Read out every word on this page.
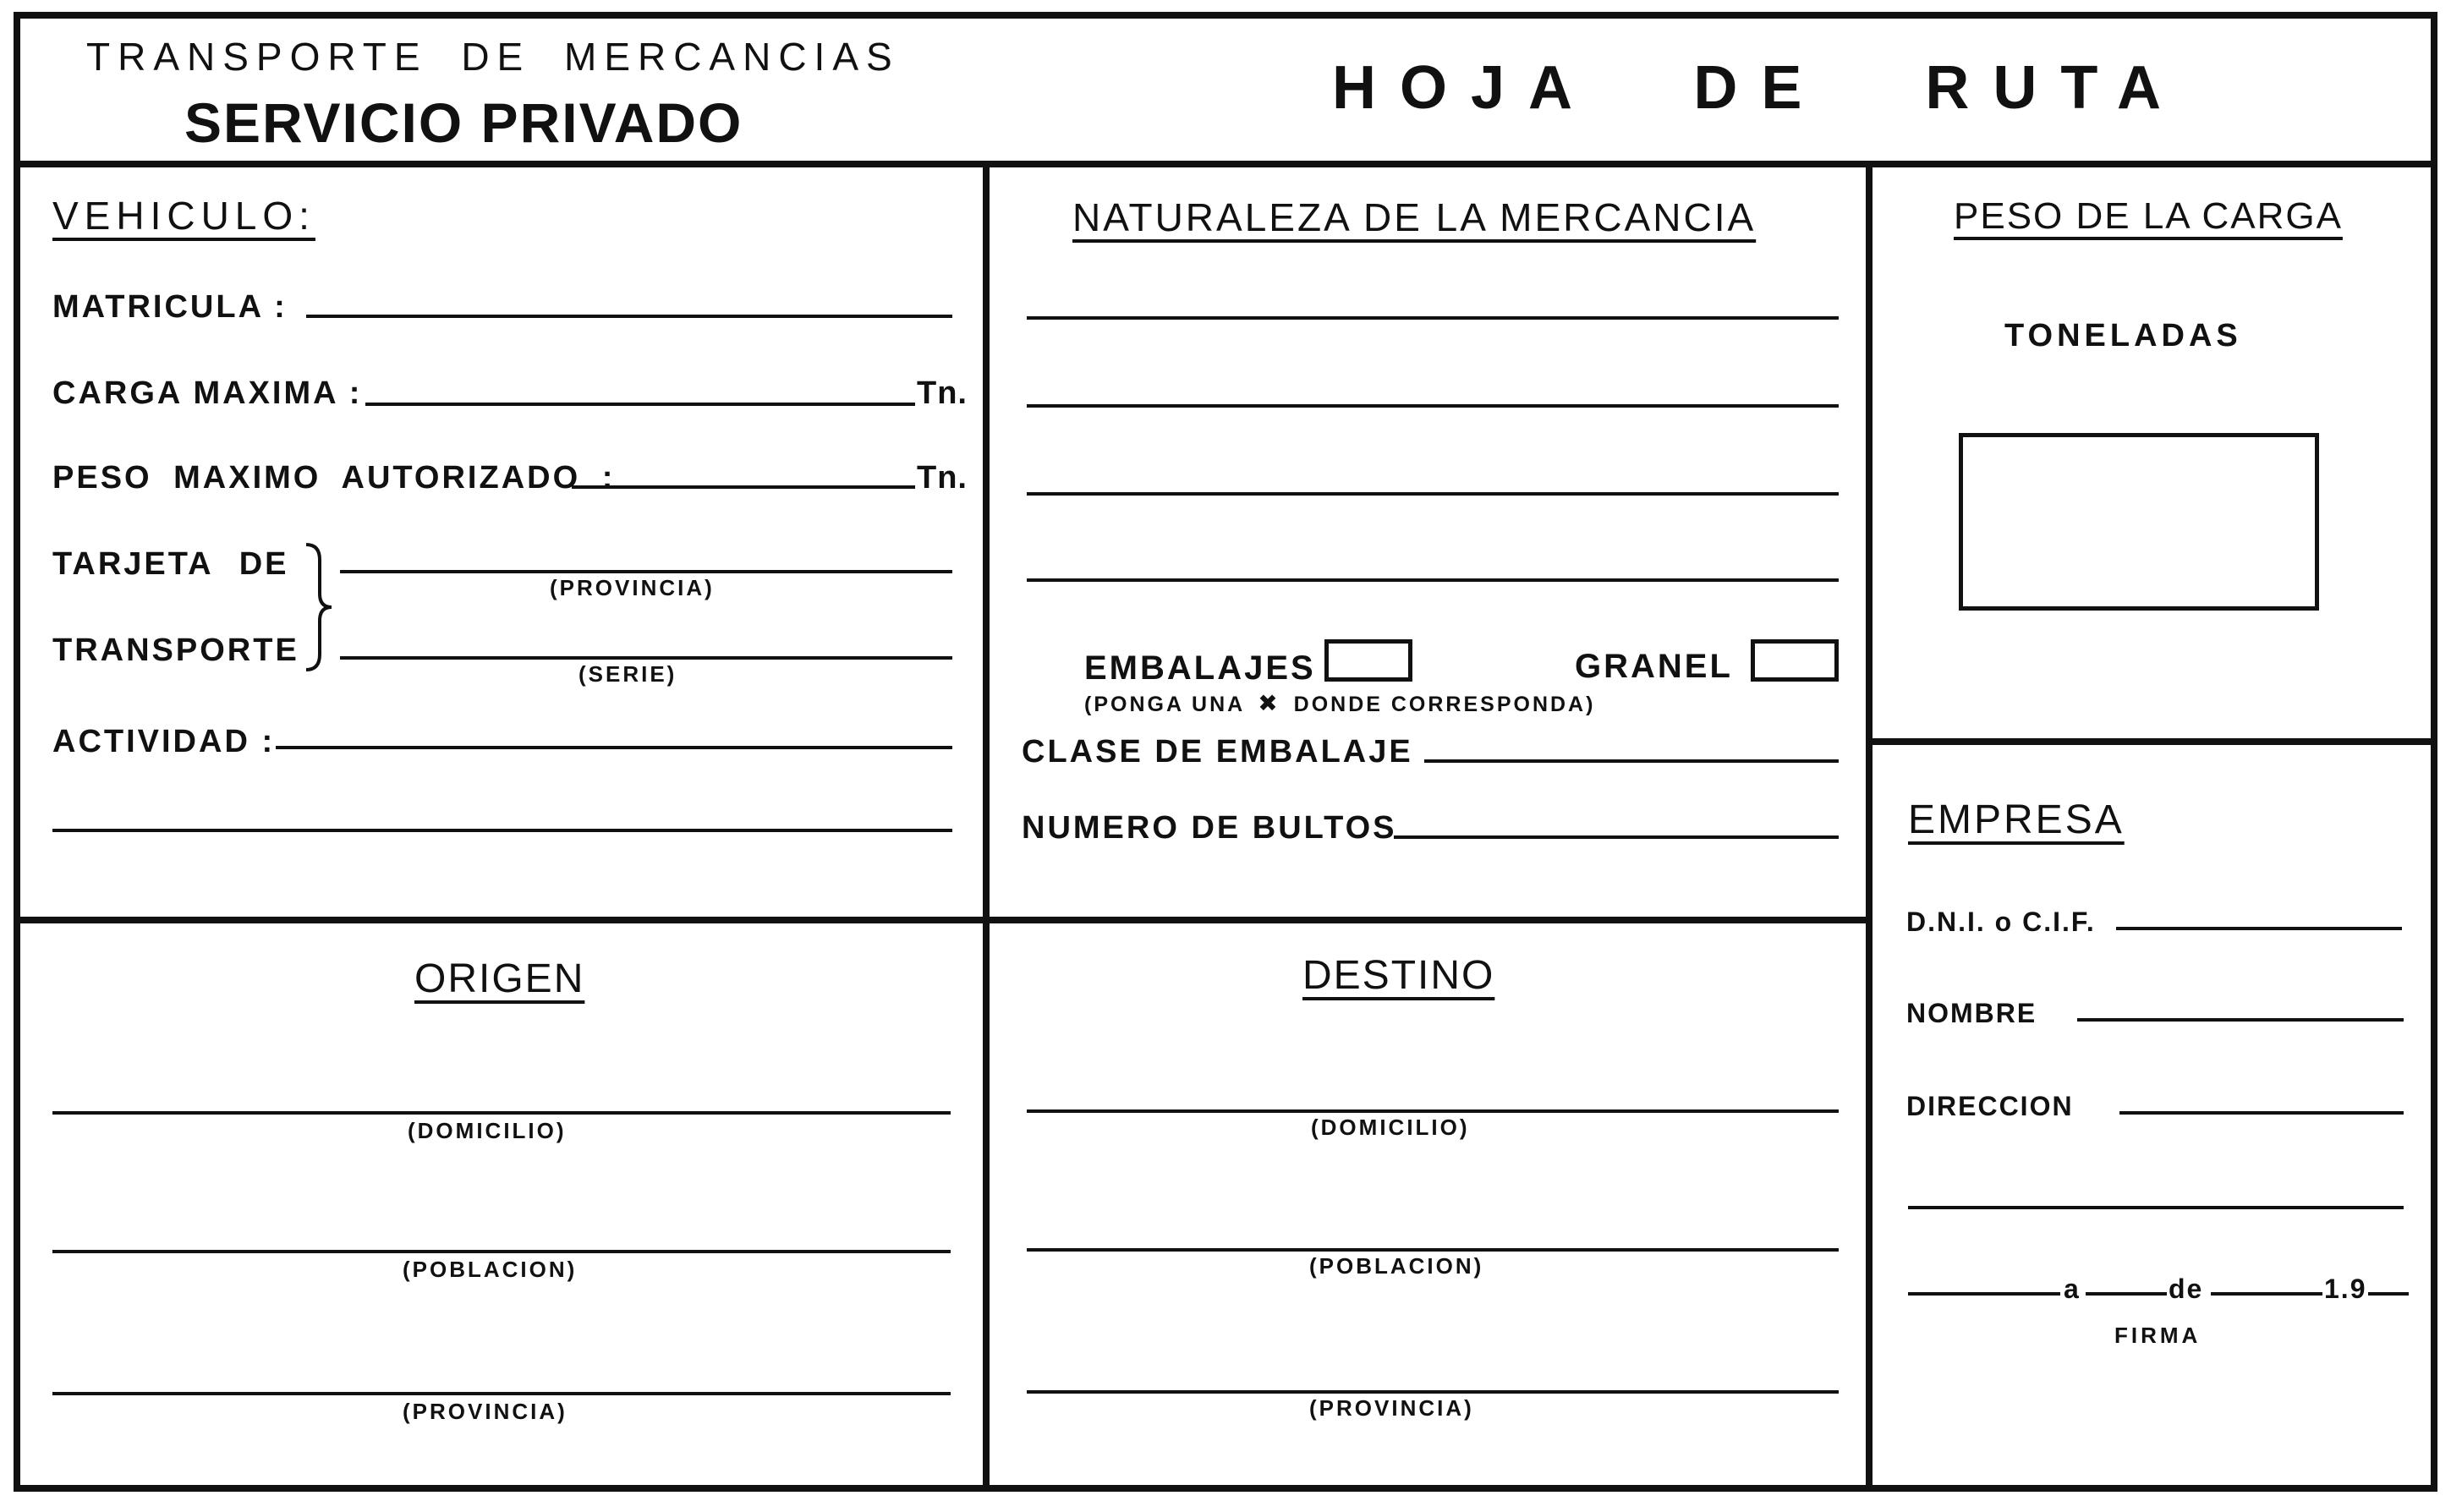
TRANSPORTE DE MERCANCIAS
SERVICIO PRIVADO
HOJA DE RUTA
VEHICULO:
MATRICULA :
CARGA MAXIMA :	Tn.
PESO MAXIMO AUTORIZADO :	Tn.
TARJETA DE
TRANSPORTE
(PROVINCIA)
(SERIE)
ACTIVIDAD :
NATURALEZA DE LA MERCANCIA
EMBALAJES	GRANEL
(PONGA UNA ✖ DONDE CORRESPONDA)
CLASE DE EMBALAJE
NUMERO DE BULTOS
PESO DE LA CARGA
TONELADAS
EMPRESA
D.N.I. o C.I.F.
NOMBRE
DIRECCION
a	de	1.9
FIRMA
ORIGEN
(DOMICILIO)
(POBLACION)
(PROVINCIA)
DESTINO
(DOMICILIO)
(POBLACION)
(PROVINCIA)
